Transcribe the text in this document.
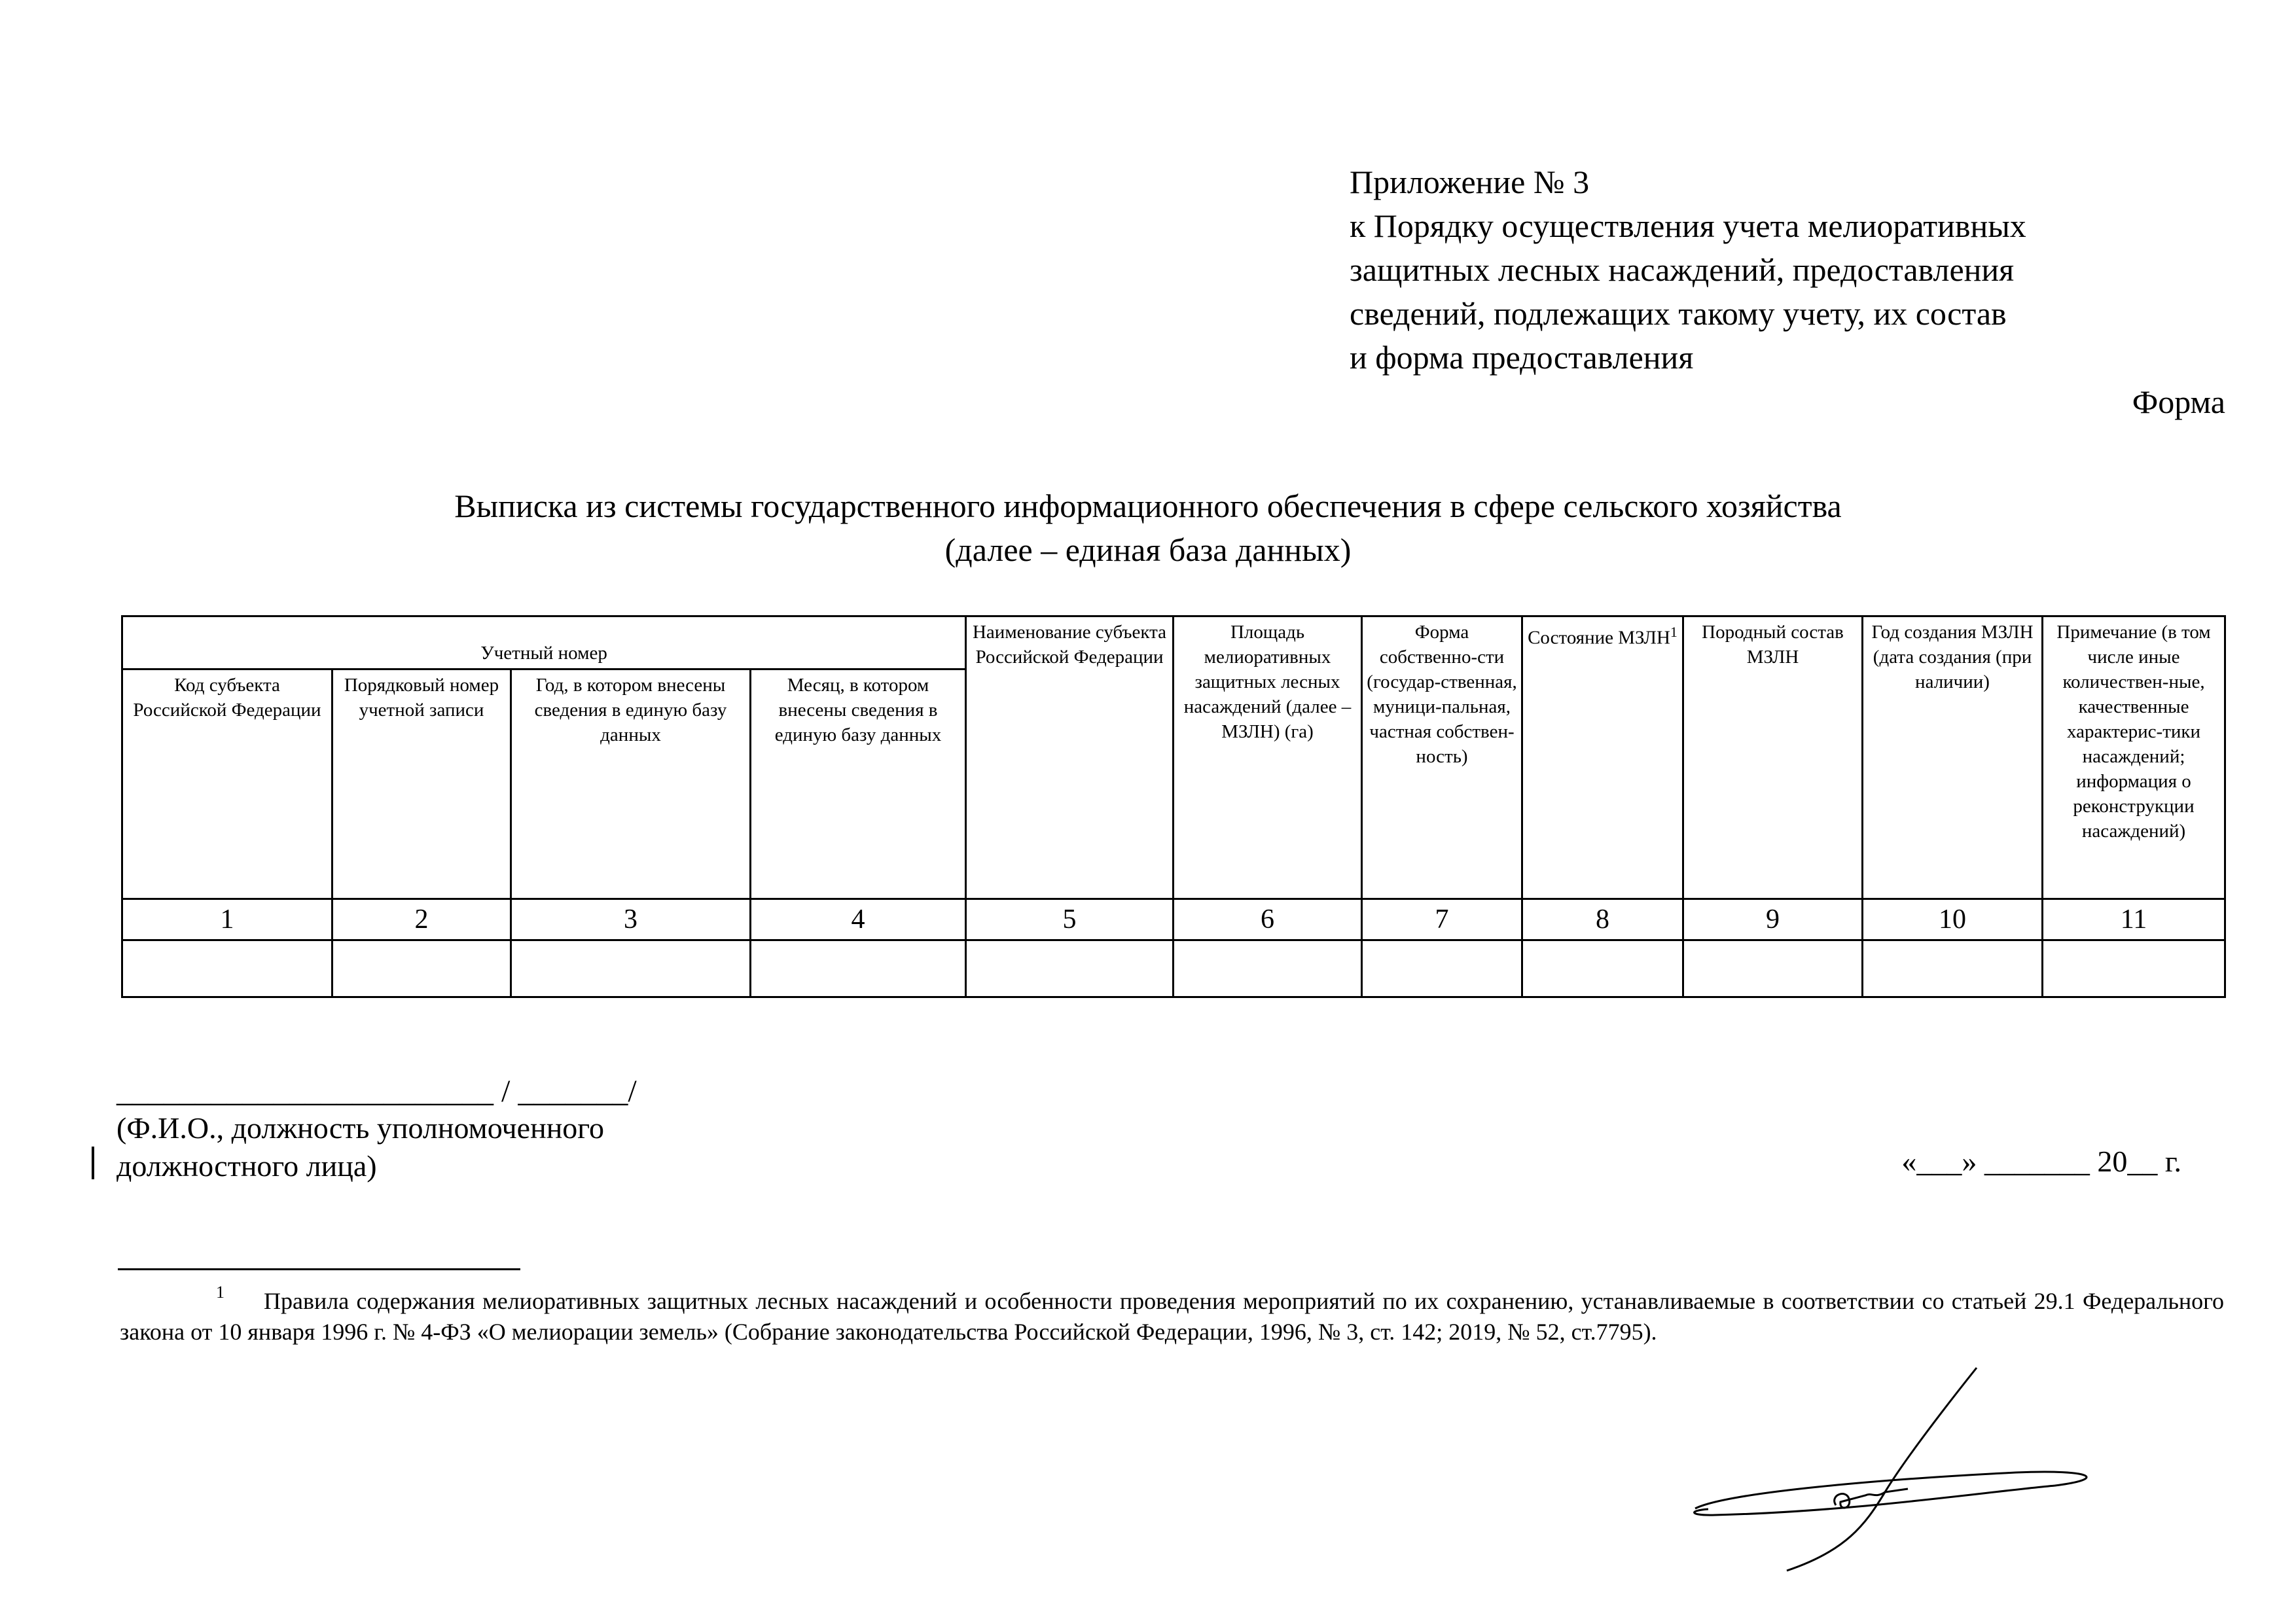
Приложение № 3
к Порядку осуществления учета мелиоративных
защитных лесных насаждений, предоставления
сведений, подлежащих такому учету, их состав
и форма предоставления
Форма
Выписка из системы государственного информационного обеспечения в сфере сельского хозяйства
(далее – единая база данных)
Учетный номер				Наименование субъекта Российской Федерации	Площадь мелиоративных защитных лесных насаждений (далее – МЗЛН) (га)	Форма собственно-сти (государ-ственная, муници-пальная, частная собствен-ность)	Состояние МЗЛН$^1$	Породный состав МЗЛН	Год создания МЗЛН (дата создания (при наличии)	Примечание (в том числе иные количествен-ные, качественные характерис-тики насаждений; информация о реконструкции насаждений)
Код субъекта Российской Федерации	Порядковый номер учетной записи	Год, в котором внесены сведения в единую базу данных	Месяц, в котором внесены сведения в единую базу данных							
1	2	3	4	5	6	7	8	9	10	11

________________________ / _______/
(Ф.И.О., должность уполномоченного
должностного лица)	«___» _______ 20__ г.
1	Правила содержания мелиоративных защитных лесных насаждений и особенности проведения мероприятий по их сохранению, устанавливаемые в соответствии со статьей 29.1 Федерального закона от 10 января 1996 г. № 4-ФЗ «О мелиорации земель» (Собрание законодательства Российской Федерации, 1996, № 3, ст. 142; 2019, № 52, ст.7795).
